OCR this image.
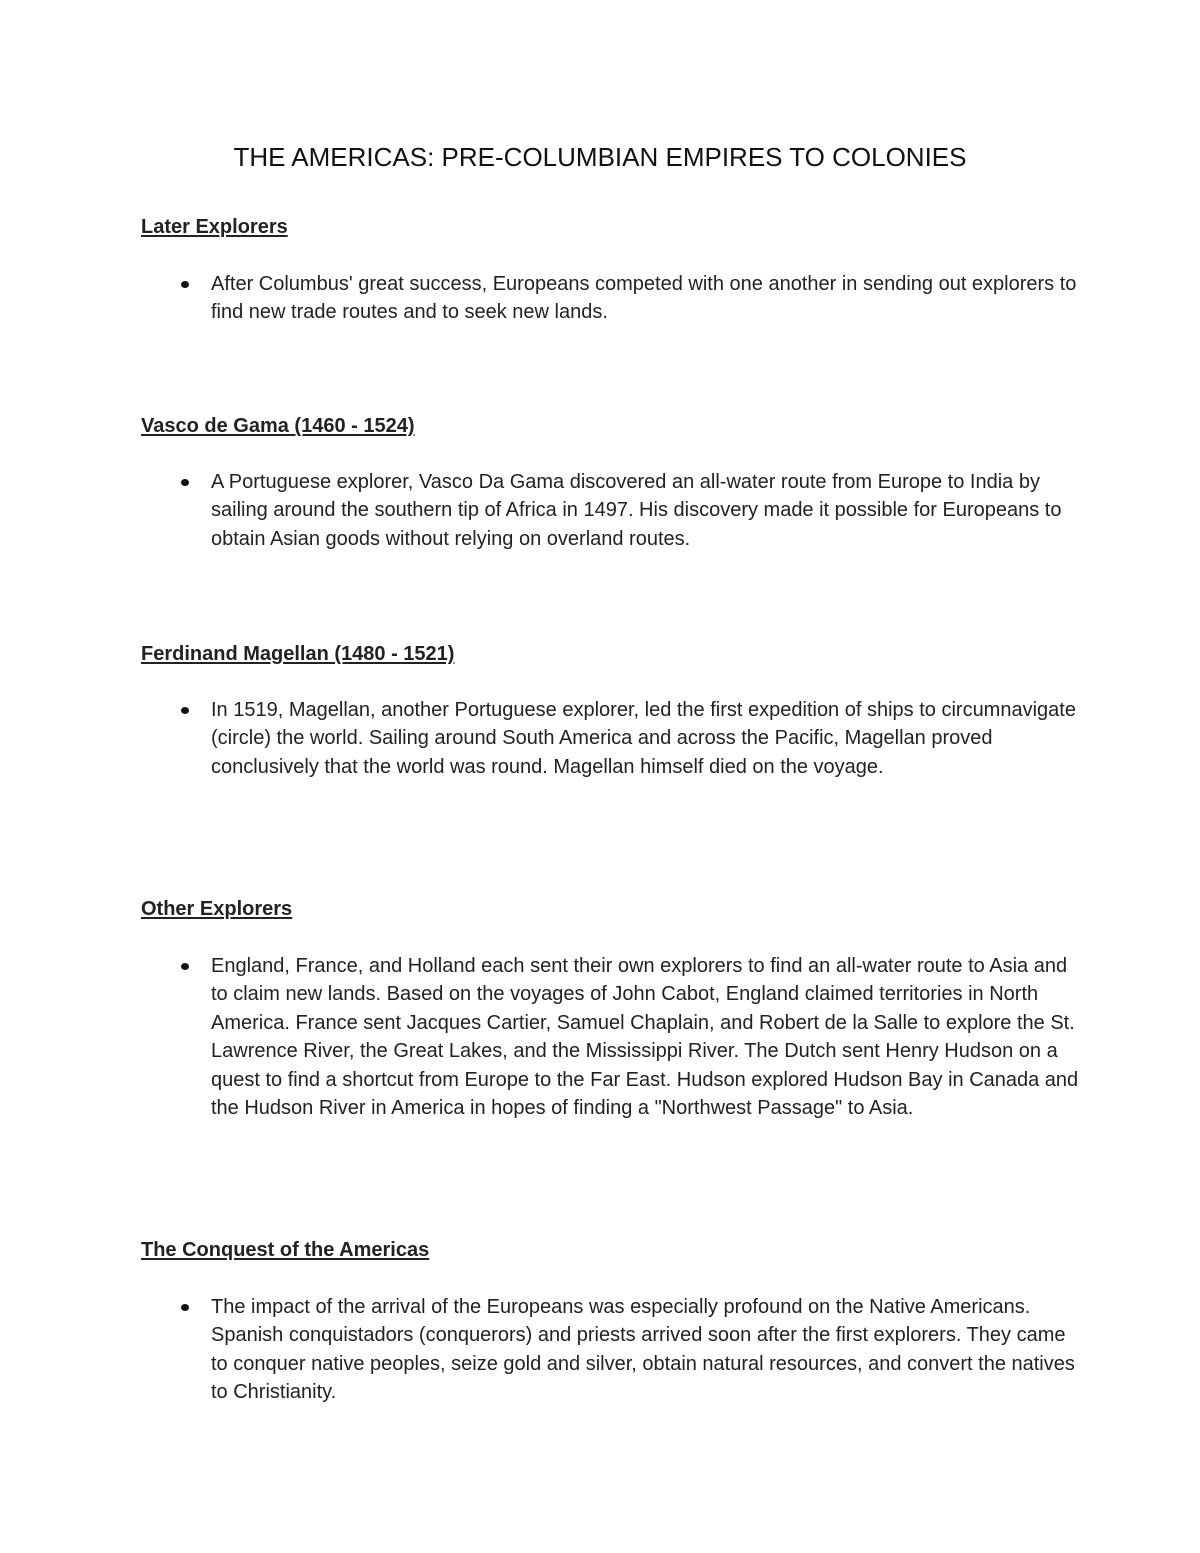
THE AMERICAS: PRE-COLUMBIAN EMPIRES TO COLONIES
Later Explorers
After Columbus' great success, Europeans competed with one another in sending out explorers to find new trade routes and to seek new lands.
Vasco de Gama (1460 - 1524)
A Portuguese explorer, Vasco Da Gama discovered an all-water route from Europe to India by sailing around the southern tip of Africa in 1497. His discovery made it possible for Europeans to obtain Asian goods without relying on overland routes.
Ferdinand Magellan (1480 - 1521)
In 1519, Magellan, another Portuguese explorer, led the first expedition of ships to circumnavigate (circle) the world. Sailing around South America and across the Pacific, Magellan proved conclusively that the world was round. Magellan himself died on the voyage.
Other Explorers
England, France, and Holland each sent their own explorers to find an all-water route to Asia and to claim new lands. Based on the voyages of John Cabot, England claimed territories in North America. France sent Jacques Cartier, Samuel Chaplain, and Robert de la Salle to explore the St. Lawrence River, the Great Lakes, and the Mississippi River. The Dutch sent Henry Hudson on a quest to find a shortcut from Europe to the Far East. Hudson explored Hudson Bay in Canada and the Hudson River in America in hopes of finding a "Northwest Passage" to Asia.
The Conquest of the Americas
The impact of the arrival of the Europeans was especially profound on the Native Americans. Spanish conquistadors (conquerors) and priests arrived soon after the first explorers. They came to conquer native peoples, seize gold and silver, obtain natural resources, and convert the natives to Christianity.
